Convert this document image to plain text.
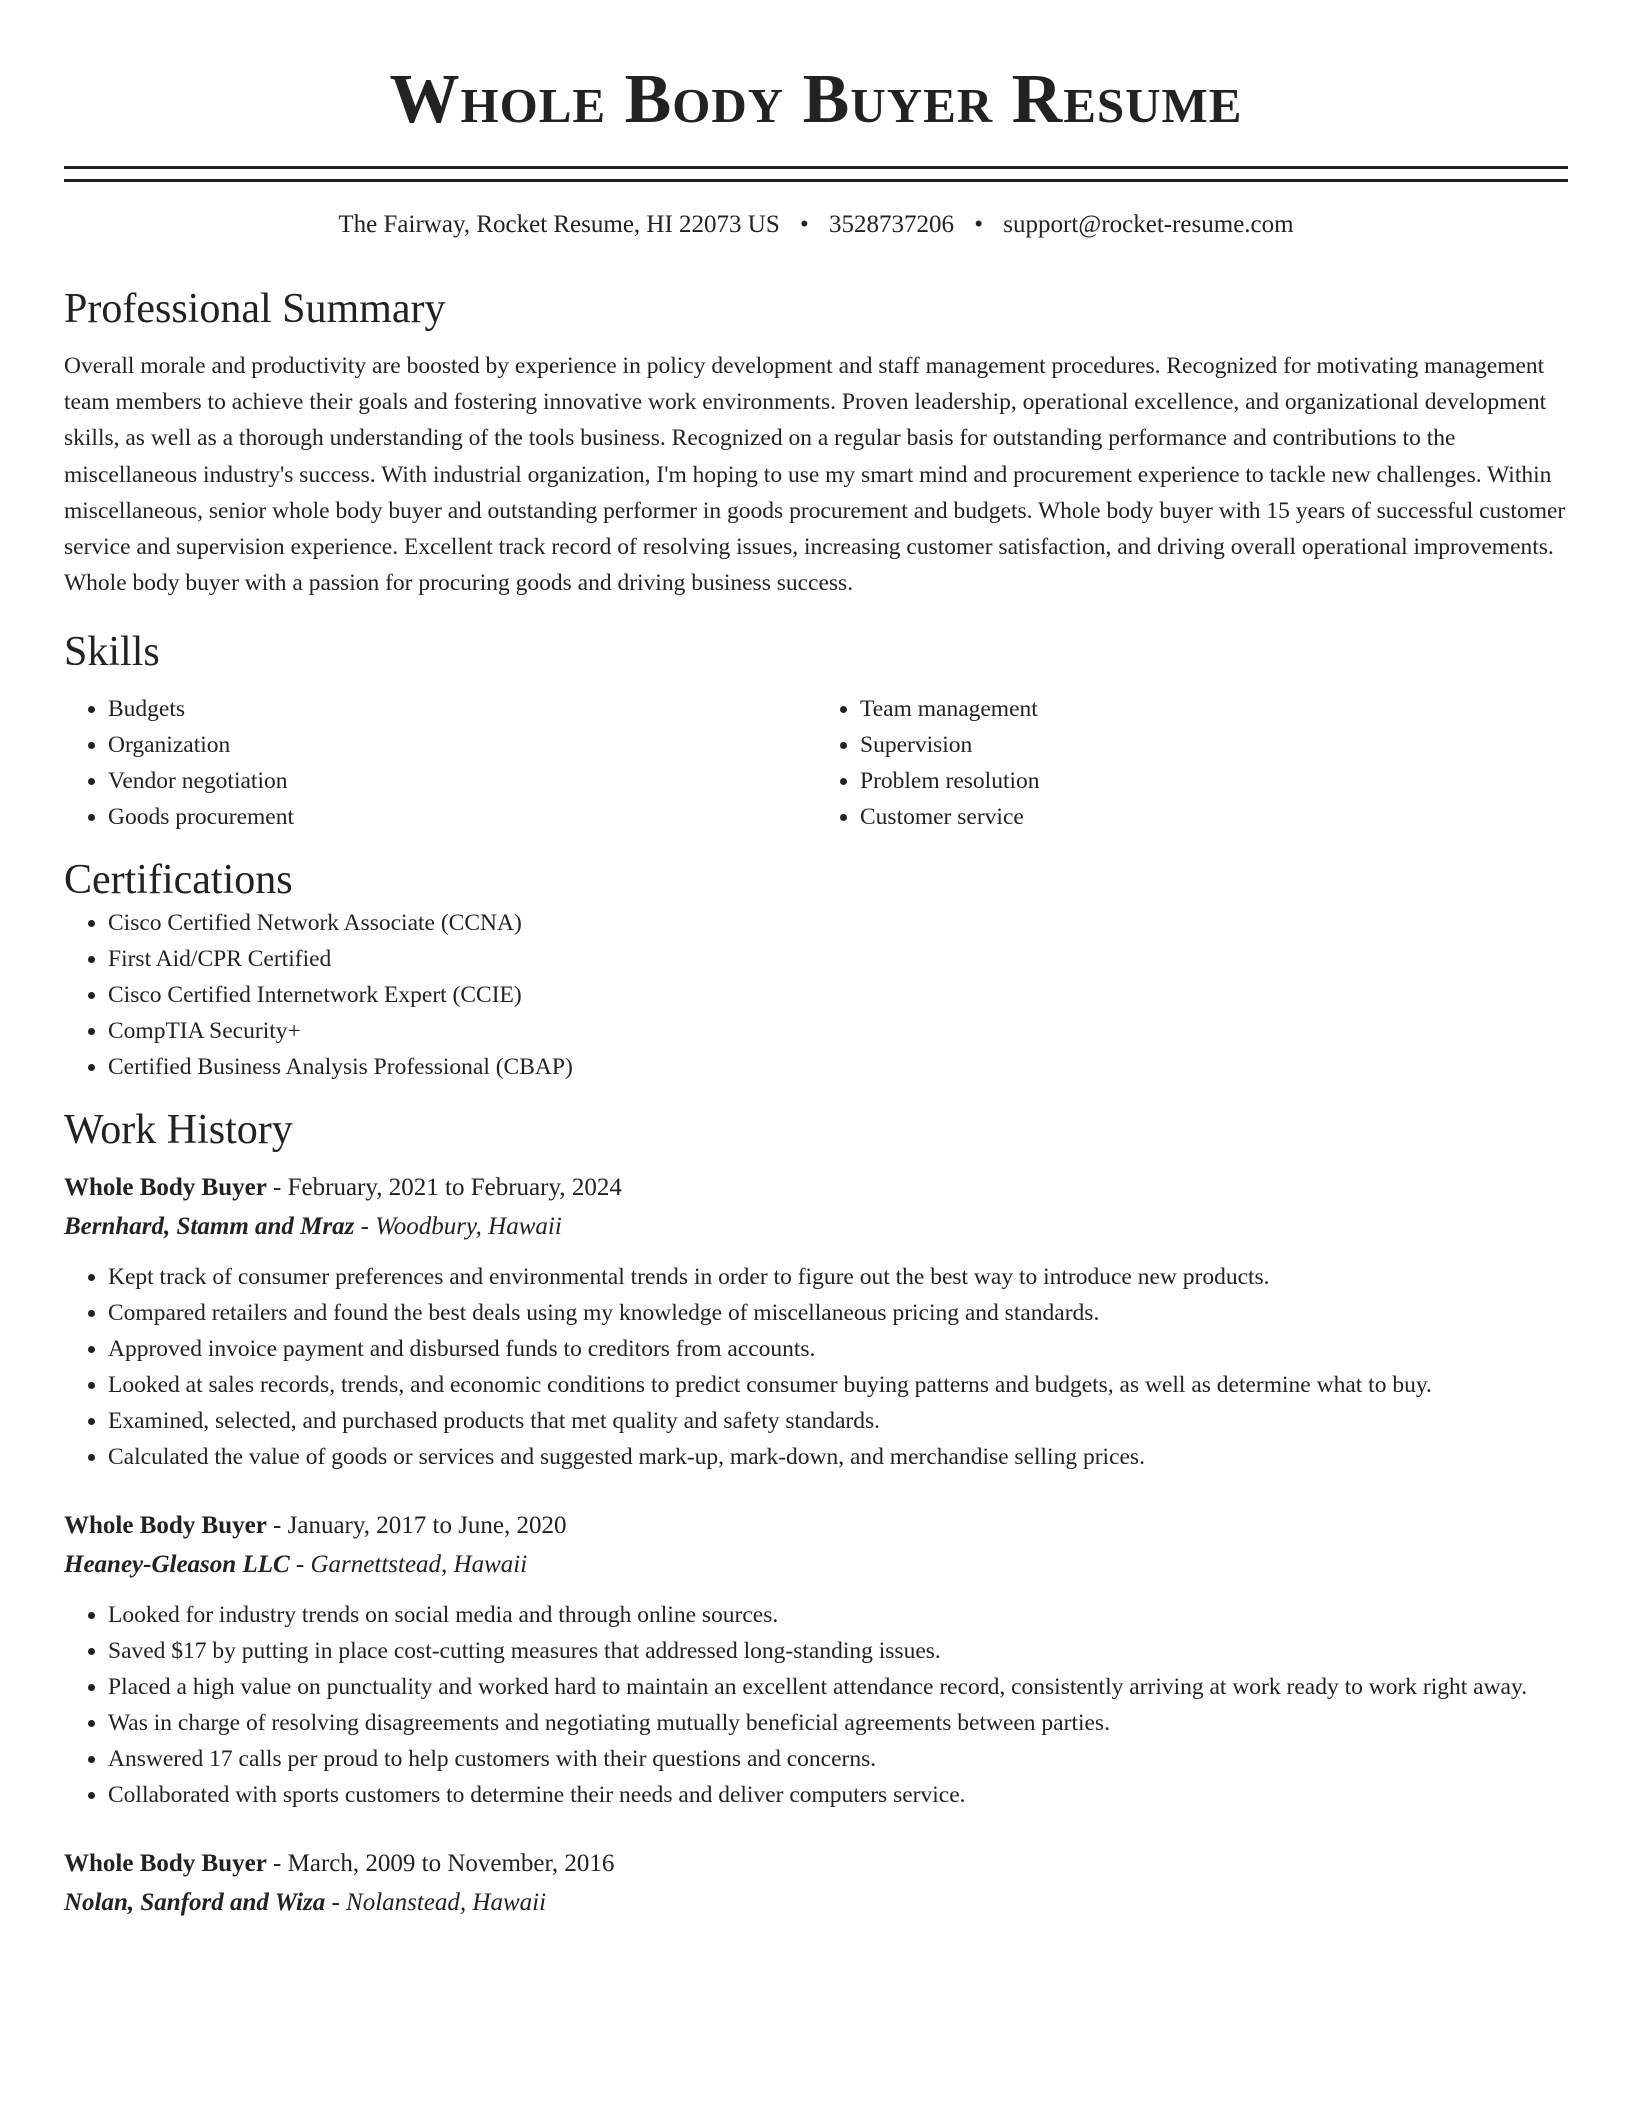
Whole Body Buyer Resume
The Fairway, Rocket Resume, HI 22073 US • 3528737206 • support@rocket-resume.com
Professional Summary

Overall morale and productivity are boosted by experience in policy development and staff management procedures. Recognized for motivating management team members to achieve their goals and fostering innovative work environments. Proven leadership, operational excellence, and organizational development skills, as well as a thorough understanding of the tools business. Recognized on a regular basis for outstanding performance and contributions to the miscellaneous industry's success. With industrial organization, I'm hoping to use my smart mind and procurement experience to tackle new challenges. Within miscellaneous, senior whole body buyer and outstanding performer in goods procurement and budgets. Whole body buyer with 15 years of successful customer service and supervision experience. Excellent track record of resolving issues, increasing customer satisfaction, and driving overall operational improvements. Whole body buyer with a passion for procuring goods and driving business success.

Skills
• Budgets
• Organization
• Vendor negotiation
• Goods procurement
• Team management
• Supervision
• Problem resolution
• Customer service
Certifications
• Cisco Certified Network Associate (CCNA)
• First Aid/CPR Certified
• Cisco Certified Internetwork Expert (CCIE)
• CompTIA Security+
• Certified Business Analysis Professional (CBAP)
Work History
Whole Body Buyer - February, 2021 to February, 2024
Bernhard, Stamm and Mraz - Woodbury, Hawaii
• Kept track of consumer preferences and environmental trends in order to figure out the best way to introduce new products.
• Compared retailers and found the best deals using my knowledge of miscellaneous pricing and standards.
• Approved invoice payment and disbursed funds to creditors from accounts.
• Looked at sales records, trends, and economic conditions to predict consumer buying patterns and budgets, as well as determine what to buy.
• Examined, selected, and purchased products that met quality and safety standards.
• Calculated the value of goods or services and suggested mark-up, mark-down, and merchandise selling prices.
Whole Body Buyer - January, 2017 to June, 2020
Heaney-Gleason LLC - Garnettstead, Hawaii
• Looked for industry trends on social media and through online sources.
• Saved $17 by putting in place cost-cutting measures that addressed long-standing issues.
• Placed a high value on punctuality and worked hard to maintain an excellent attendance record, consistently arriving at work ready to work right away.
• Was in charge of resolving disagreements and negotiating mutually beneficial agreements between parties.
• Answered 17 calls per proud to help customers with their questions and concerns.
• Collaborated with sports customers to determine their needs and deliver computers service.
Whole Body Buyer - March, 2009 to November, 2016
Nolan, Sanford and Wiza - Nolanstead, Hawaii
